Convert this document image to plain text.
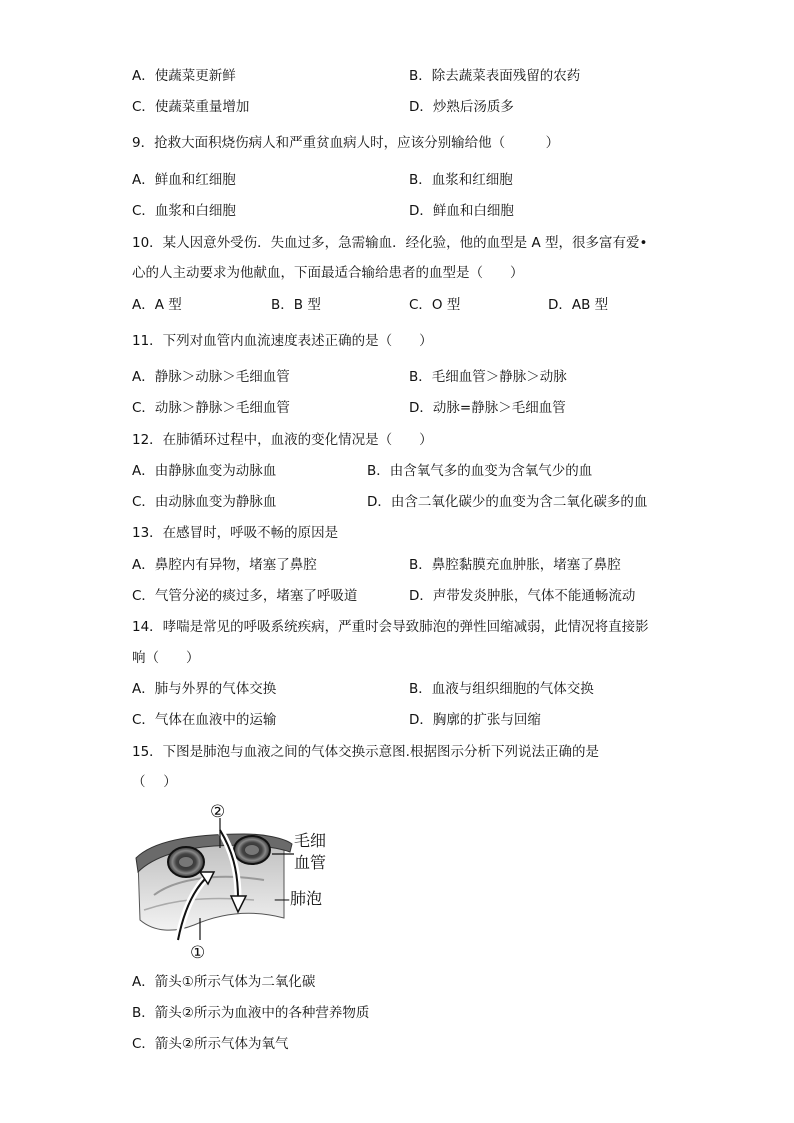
A．使蔬菜更新鲜	B．除去蔬菜表面残留的农药
C．使蔬菜重量增加	D．炒熟后汤质多
9．抢救大面积烧伤病人和严重贫血病人时，应该分别输给他（　　　）
A．鲜血和红细胞	B．血浆和红细胞
C．血浆和白细胞	D．鲜血和白细胞
10．某人因意外受伤．失血过多，急需输血．经化验，他的血型是 A 型，很多富有爱•
心的人主动要求为他献血，下面最适合输给患者的血型是（　　）
A．A 型	B．B 型	C．O 型	D．AB 型
11．下列对血管内血流速度表述正确的是（　　）
A．静脉＞动脉＞毛细血管	B．毛细血管＞静脉＞动脉
C．动脉＞静脉＞毛细血管	D．动脉=静脉＞毛细血管
12．在肺循环过程中，血液的变化情况是（　　）
A．由静脉血变为动脉血	B．由含氧气多的血变为含氧气少的血
C．由动脉血变为静脉血	D．由含二氧化碳少的血变为含二氧化碳多的血
13．在感冒时，呼吸不畅的原因是
A．鼻腔内有异物，堵塞了鼻腔	B．鼻腔黏膜充血肿胀，堵塞了鼻腔
C．气管分泌的痰过多，堵塞了呼吸道	D．声带发炎肿胀，气体不能通畅流动
14．哮喘是常见的呼吸系统疾病，严重时会导致肺泡的弹性回缩减弱，此情况将直接影
响（　　）
A．肺与外界的气体交换	B．血液与组织细胞的气体交换
C．气体在血液中的运输	D．胸廓的扩张与回缩
15．下图是肺泡与血液之间的气体交换示意图.根据图示分析下列说法正确的是
（　 ）
②
①
毛细
血管
—肺泡
A．箭头①所示气体为二氧化碳
B．箭头②所示为血液中的各种营养物质
C．箭头②所示气体为氧气
